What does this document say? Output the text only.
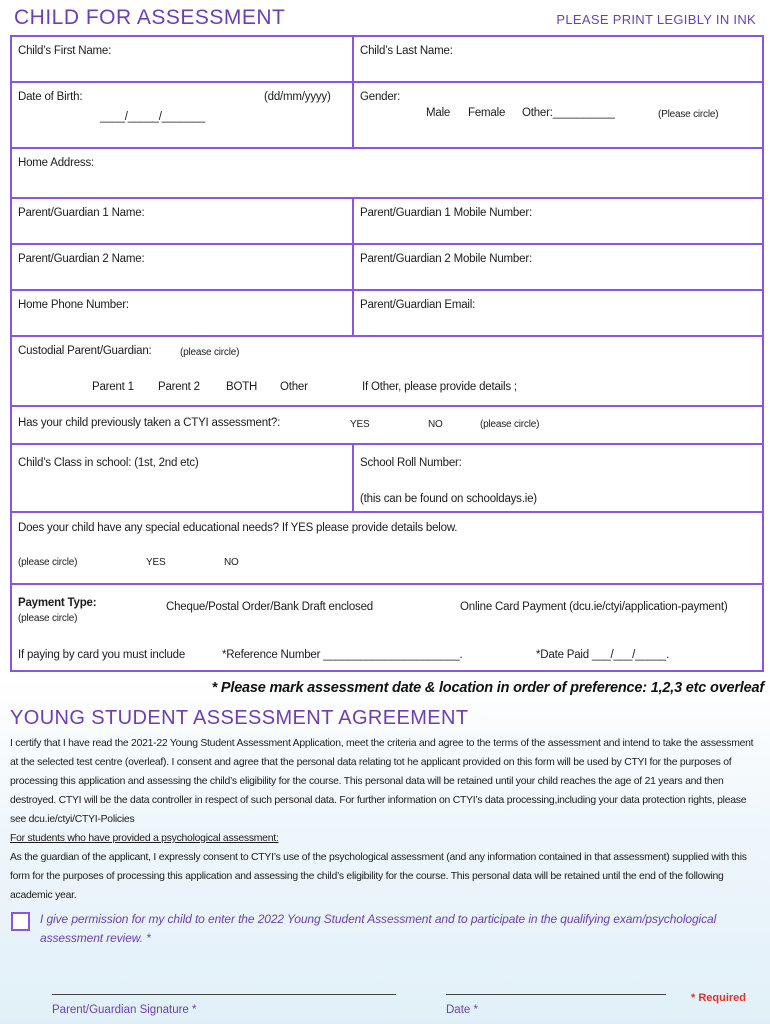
CHILD FOR ASSESSMENT	PLEASE PRINT LEGIBLY IN INK
Child’s First Name:	Child’s Last Name:
Date of Birth:	(dd/mm/yyyy)
____/_____/_______
Gender:
Male Female Other:__________	(Please circle)
Home Address:
Parent/Guardian 1 Name:	Parent/Guardian 1 Mobile Number:
Parent/Guardian 2 Name:	Parent/Guardian 2 Mobile Number:
Home Phone Number:	Parent/Guardian Email:
Custodial Parent/Guardian:	(please circle)
Parent 1 Parent 2 BOTH Other	If Other, please provide details ;
Has your child previously taken a CTYI assessment?:	YES	NO	(please circle)
Child’s Class in school: (1st, 2nd etc)	School Roll Number:
(this can be found on schooldays.ie)
Does your child have any special educational needs? If YES please provide details below.
(please circle)	YES	NO
Payment Type:
(please circle)
Cheque/Postal Order/Bank Draft enclosed	Online Card Payment (dcu.ie/ctyi/application-payment)
If paying by card you must include	*Reference Number ______________________.	*Date Paid ___/___/_____.
* Please mark assessment date & location in order of preference: 1,2,3 etc overleaf
YOUNG STUDENT ASSESSMENT AGREEMENT

I certify that I have read the 2021-22 Young Student Assessment Application, meet the criteria and agree to the terms of the assessment and intend to take the assessment at the selected test centre (overleaf). I consent and agree that the personal data relating tot he applicant provided on this form will be used by CTYI for the purposes of processing this application and assessing the child’s eligibility for the course. This personal data will be retained until your child reaches the age of 21 years and then destroyed. CTYI will be the data controller in respect of such personal data. For further information on CTYI’s data processing,including your data protection rights, please see dcu.ie/ctyi/CTYI-Policies

For students who have provided a psychological assessment:

As the guardian of the applicant, I expressly consent to CTYI’s use of the psychological assessment (and any information contained in that assessment) supplied with this form for the purposes of processing this application and assessing the child’s eligibility for the course. This personal data will be retained until the end of the following academic year.

I give permission for my child to enter the 2022 Young Student Assessment and to participate in the qualifying exam/psychological assessment review. *
Parent/Guardian Signature *	Date *
* Required
